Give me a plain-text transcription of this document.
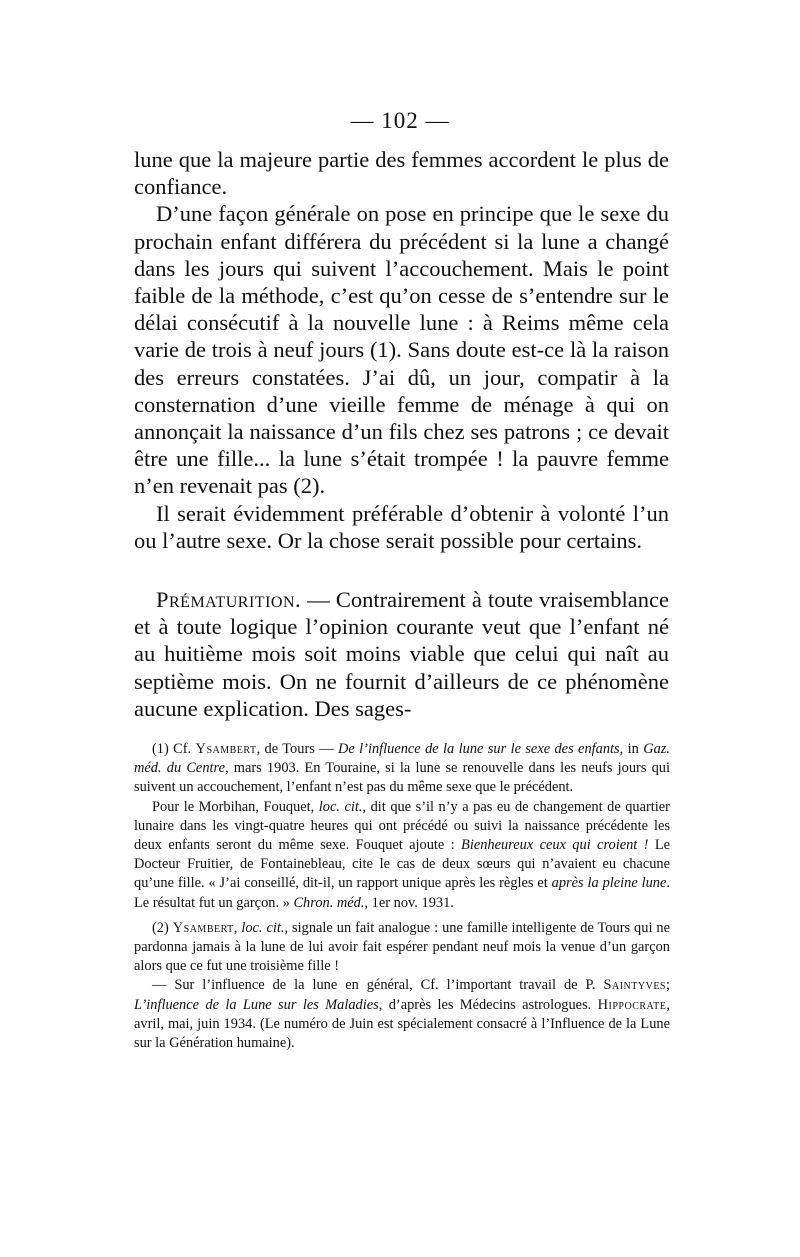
— 102 —

lune que la majeure partie des femmes accordent le plus de confiance.

D’une façon générale on pose en principe que le sexe du prochain enfant différera du précédent si la lune a changé dans les jours qui suivent l’accouchement. Mais le point faible de la méthode, c’est qu’on cesse de s’entendre sur le délai consécutif à la nouvelle lune : à Reims même cela varie de trois à neuf jours (1). Sans doute est-ce là la raison des erreurs constatées. J’ai dû, un jour, compatir à la consternation d’une vieille femme de ménage à qui on annonçait la naissance d’un fils chez ses patrons ; ce devait être une fille... la lune s’était trompée ! la pauvre femme n’en revenait pas (2).

Il serait évidemment préférable d’obtenir à volonté l’un ou l’autre sexe. Or la chose serait possible pour certains.

Prématurition. — Contrairement à toute vraisemblance et à toute logique l’opinion courante veut que l’enfant né au huitième mois soit moins viable que celui qui naît au septième mois. On ne fournit d’ailleurs de ce phénomène aucune explication. Des sages-

(1) Cf. Ysambert, de Tours — De l’influence de la lune sur le sexe des enfants, in Gaz. méd. du Centre, mars 1903. En Touraine, si la lune se renouvelle dans les neufs jours qui suivent un accouchement, l’enfant n’est pas du même sexe que le précédent.

Pour le Morbihan, Fouquet, loc. cit., dit que s’il n’y a pas eu de changement de quartier lunaire dans les vingt-quatre heures qui ont précédé ou suivi la naissance précédente les deux enfants seront du même sexe. Fouquet ajoute : Bienheureux ceux qui croient ! Le Docteur Fruitier, de Fontainebleau, cite le cas de deux sœurs qui n’avaient eu chacune qu’une fille. « J’ai conseillé, dit-il, un rapport unique après les règles et après la pleine lune. Le résultat fut un garçon. » Chron. méd., 1er nov. 1931.

(2) Ysambert, loc. cit., signale un fait analogue : une famille intelligente de Tours qui ne pardonna jamais à la lune de lui avoir fait espérer pendant neuf mois la venue d’un garçon alors que ce fut une troisième fille !

— Sur l’influence de la lune en général, Cf. l’important travail de P. Saintyves; L’influence de la Lune sur les Maladies, d’après les Médecins astrologues. Hippocrate, avril, mai, juin 1934. (Le numéro de Juin est spécialement consacré à l’Influence de la Lune sur la Génération humaine).
